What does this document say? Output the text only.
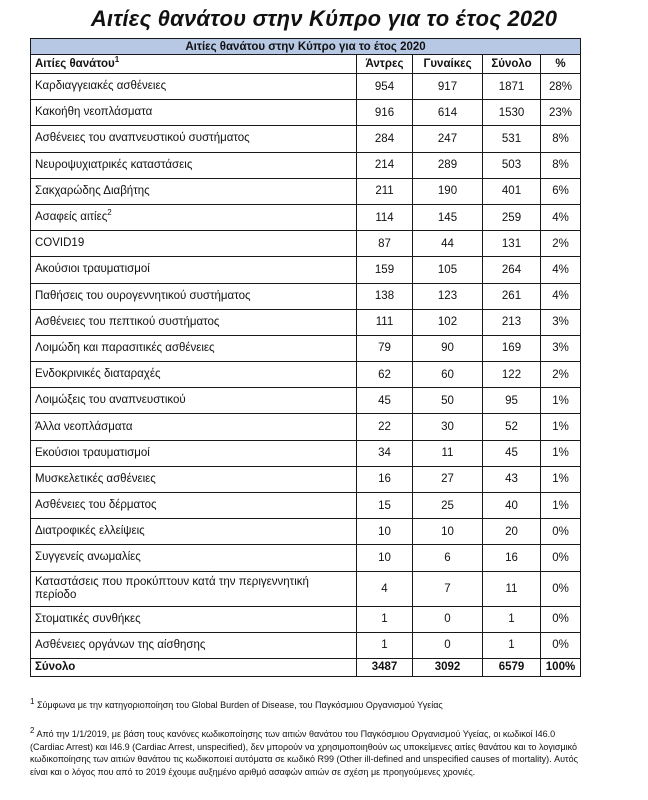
Αιτίες θανάτου στην Κύπρο για το έτος 2020
Αιτίες θανάτου στην Κύπρο για το έτος 2020				
Αιτίες θανάτου$^1$	Άντρες	Γυναίκες	Σύνολο	%
Καρδιαγγειακές ασθένειες	954	917	1871	28%
Κακοήθη νεοπλάσματα	916	614	1530	23%
Ασθένειες του αναπνευστικού συστήματος	284	247	531	8%
Νευροψυχιατρικές καταστάσεις	214	289	503	8%
Σακχαρώδης Διαβήτης	211	190	401	6%
Ασαφείς αιτίες$^2$	114	145	259	4%
COVID19	87	44	131	2%
Ακούσιοι τραυματισμοί	159	105	264	4%
Παθήσεις του ουρογεννητικού συστήματος	138	123	261	4%
Ασθένειες του πεπτικού συστήματος	111	102	213	3%
Λοιμώδη και παρασιτικές ασθένειες	79	90	169	3%
Ενδοκρινικές διαταραχές	62	60	122	2%
Λοιμώξεις του αναπνευστικού	45	50	95	1%
Άλλα νεοπλάσματα	22	30	52	1%
Εκούσιοι τραυματισμοί	34	11	45	1%
Μυσκελετικές ασθένειες	16	27	43	1%
Ασθένειες του δέρματος	15	25	40	1%
Διατροφικές ελλείψεις	10	10	20	0%
Συγγενείς ανωμαλίες	10	6	16	0%
Καταστάσεις που προκύπτουν κατά την περιγεννητική περίοδο	4	7	11	0%
Στοματικές συνθήκες	1	0	1	0%
Ασθένειες οργάνων της αίσθησης	1	0	1	0%
Σύνολο	3487	3092	6579	100%
$^1$ Σύμφωνα με την κατηγοριοποίηση του Global Burden of Disease, του Παγκόσμιου Οργανισμού Υγείας
$^2$ Από την 1/1/2019, με βάση τους κανόνες κωδικοποίησης των αιτιών θανάτου του Παγκόσμιου Οργανισμού Υγείας, οι κωδικοί I46.0 (Cardiac Arrest) και I46.9 (Cardiac Arrest, unspecified), δεν μπορούν να χρησιμοποιηθούν ως υποκείμενες αιτίες θανάτου και το λογισμικό κωδικοποίησης των αιτιών θανάτου τις κωδικοποιεί αυτόματα σε κωδικό R99 (Other ill-defined and unspecified causes of mortality). Αυτός είναι και ο λόγος που από το 2019 έχουμε αυξημένο αριθμό ασαφών αιτιών σε σχέση με προηγούμενες χρονιές.
